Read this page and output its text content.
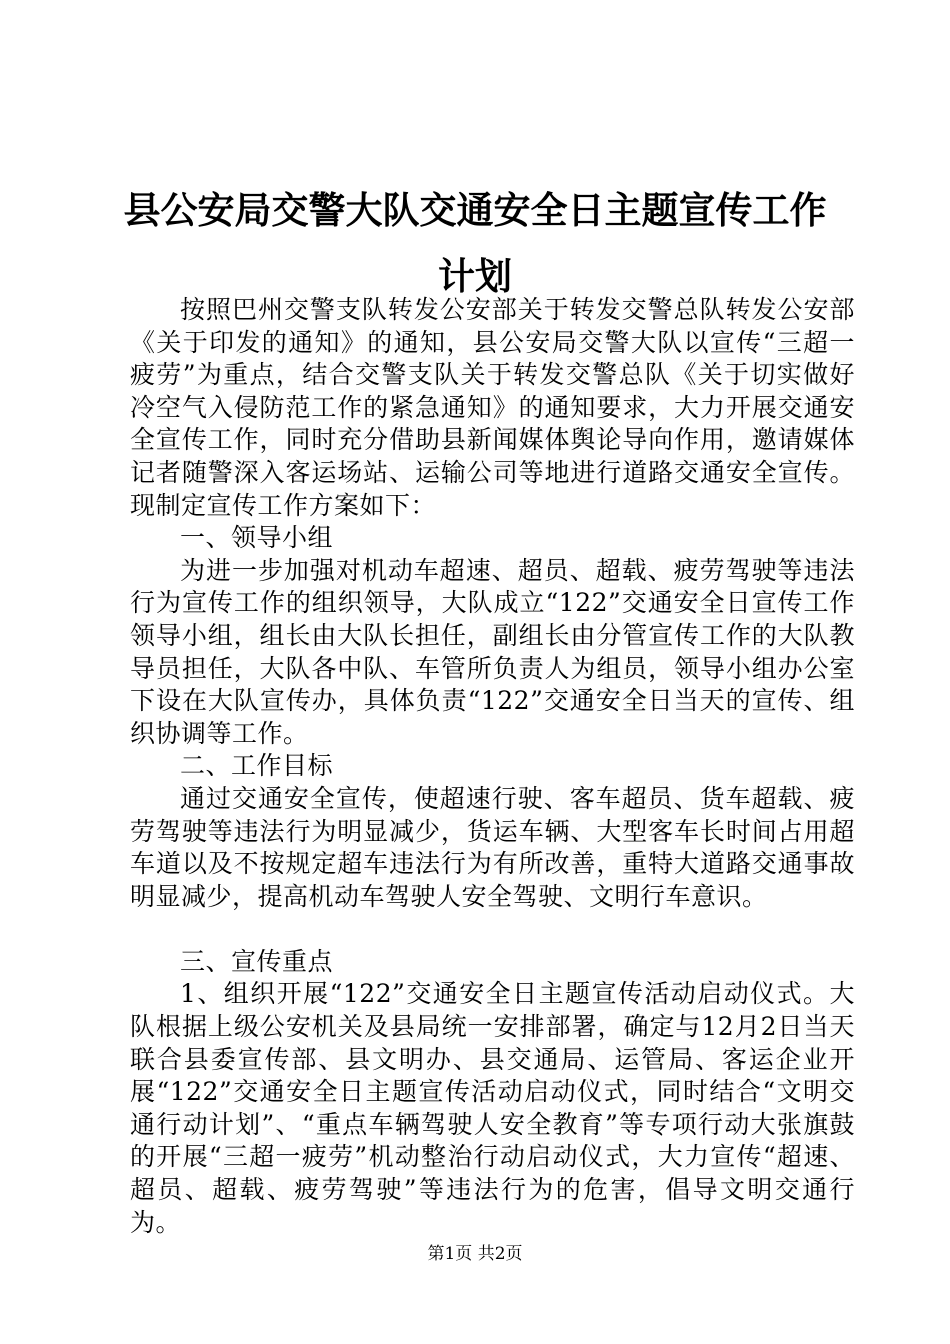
县公安局交警大队交通安全日主题宣传工作计划

按照巴州交警支队转发公安部关于转发交警总队转发公安部《关于印发的通知》的通知，县公安局交警大队以宣传“三超一疲劳”为重点，结合交警支队关于转发交警总队《关于切实做好冷空气入侵防范工作的紧急通知》的通知要求，大力开展交通安全宣传工作，同时充分借助县新闻媒体舆论导向作用，邀请媒体记者随警深入客运场站、运输公司等地进行道路交通安全宣传。现制定宣传工作方案如下：

一、领导小组

为进一步加强对机动车超速、超员、超载、疲劳驾驶等违法行为宣传工作的组织领导，大队成立“122”交通安全日宣传工作领导小组，组长由大队长担任，副组长由分管宣传工作的大队教导员担任，大队各中队、车管所负责人为组员，领导小组办公室下设在大队宣传办，具体负责“122”交通安全日当天的宣传、组织协调等工作。

二、工作目标

通过交通安全宣传，使超速行驶、客车超员、货车超载、疲劳驾驶等违法行为明显减少，货运车辆、大型客车长时间占用超车道以及不按规定超车违法行为有所改善，重特大道路交通事故明显减少，提高机动车驾驶人安全驾驶、文明行车意识。

三、宣传重点

1、组织开展“122”交通安全日主题宣传活动启动仪式。大队根据上级公安机关及县局统一安排部署，确定与12月2日当天联合县委宣传部、县文明办、县交通局、运管局、客运企业开展“122”交通安全日主题宣传活动启动仪式，同时结合“文明交通行动计划”、“重点车辆驾驶人安全教育”等专项行动大张旗鼓的开展“三超一疲劳”机动整治行动启动仪式，大力宣传“超速、超员、超载、疲劳驾驶”等违法行为的危害，倡导文明交通行为。

第1页 共2页
